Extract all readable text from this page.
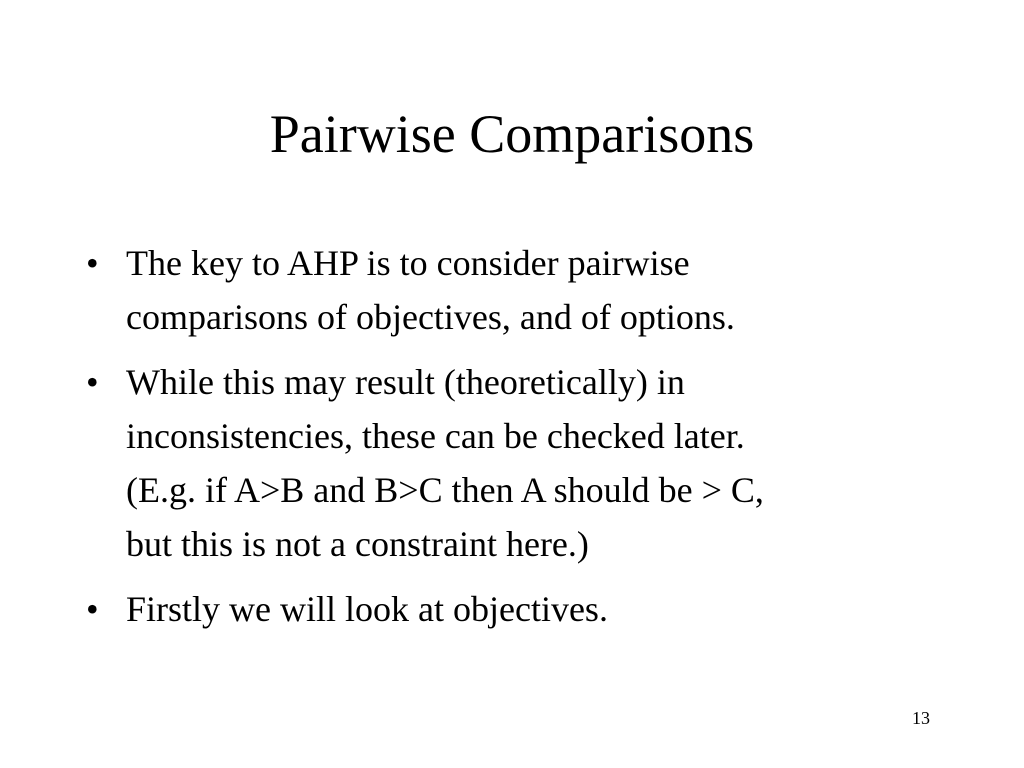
Pairwise Comparisons
• The key to AHP is to consider pairwise
comparisons of objectives, and of options.
• While this may result (theoretically) in
inconsistencies, these can be checked later.
(E.g. if A>B and B>C then A should be > C,
but this is not a constraint here.)
• Firstly we will look at objectives.
13
